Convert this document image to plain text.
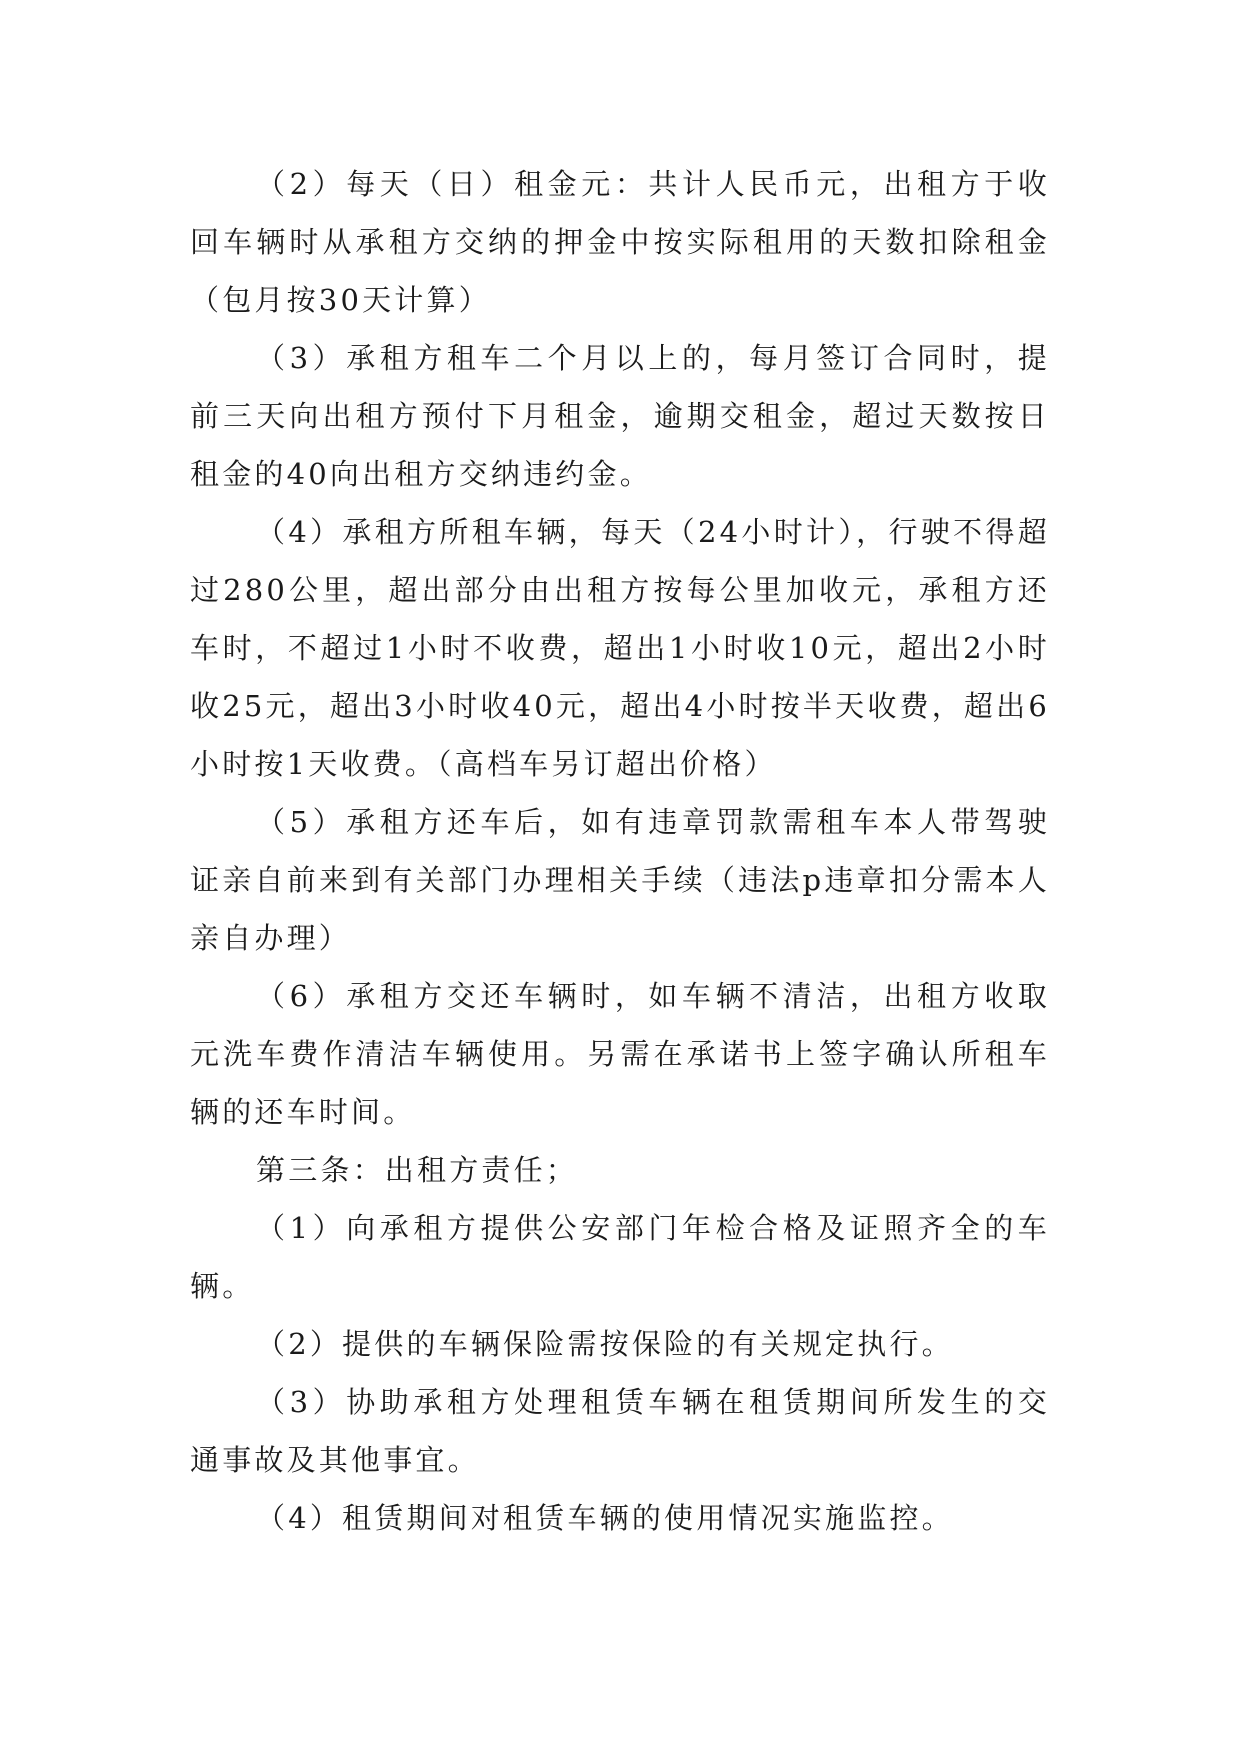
（2）每天（日）租金元：共计人民币元，出租方于收回车辆时从承租方交纳的押金中按实际租用的天数扣除租金（包月按30天计算）

（3）承租方租车二个月以上的，每月签订合同时，提前三天向出租方预付下月租金，逾期交租金，超过天数按日租金的40向出租方交纳违约金。

（4）承租方所租车辆，每天（24小时计），行驶不得超过280公里，超出部分由出租方按每公里加收元，承租方还车时，不超过1小时不收费，超出1小时收10元，超出2小时收25元，超出3小时收40元，超出4小时按半天收费，超出6小时按1天收费。（高档车另订超出价格）

（5）承租方还车后，如有违章罚款需租车本人带驾驶证亲自前来到有关部门办理相关手续（违法p违章扣分需本人亲自办理）

（6）承租方交还车辆时，如车辆不清洁，出租方收取元洗车费作清洁车辆使用。另需在承诺书上签字确认所租车辆的还车时间。

第三条：出租方责任；

（1）向承租方提供公安部门年检合格及证照齐全的车辆。

（2）提供的车辆保险需按保险的有关规定执行。

（3）协助承租方处理租赁车辆在租赁期间所发生的交通事故及其他事宜。

（4）租赁期间对租赁车辆的使用情况实施监控。
